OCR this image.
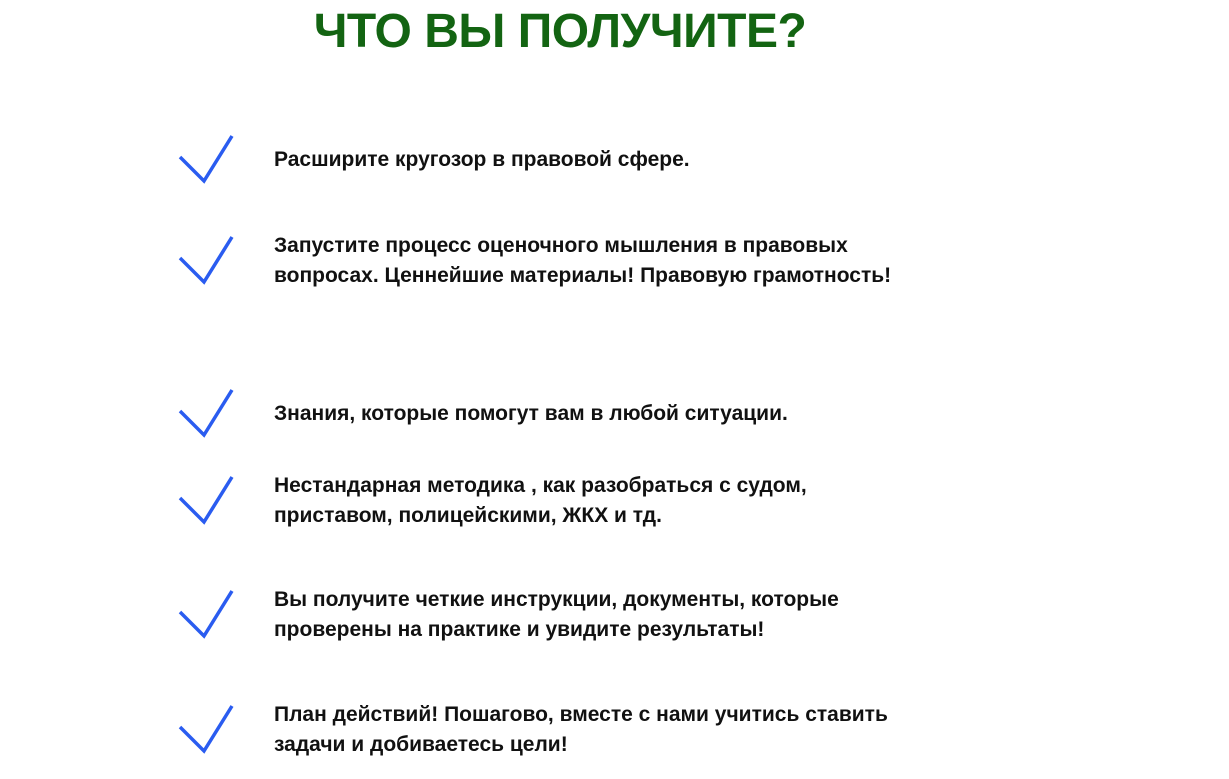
ЧТО ВЫ ПОЛУЧИТЕ?
Расширите кругозор в правовой сфере.
Запустите процесс оценочного мышления в правовых вопросах. Ценнейшие материалы! Правовую грамотность!
Знания, которые помогут вам в любой ситуации.
Нестандарная методика , как разобраться с судом, приставом, полицейскими, ЖКХ и тд.
Вы получите четкие инструкции, документы, которые проверены на практике и увидите результаты!
План действий! Пошагово, вместе с нами учитись ставить задачи и добиваетесь цели!
